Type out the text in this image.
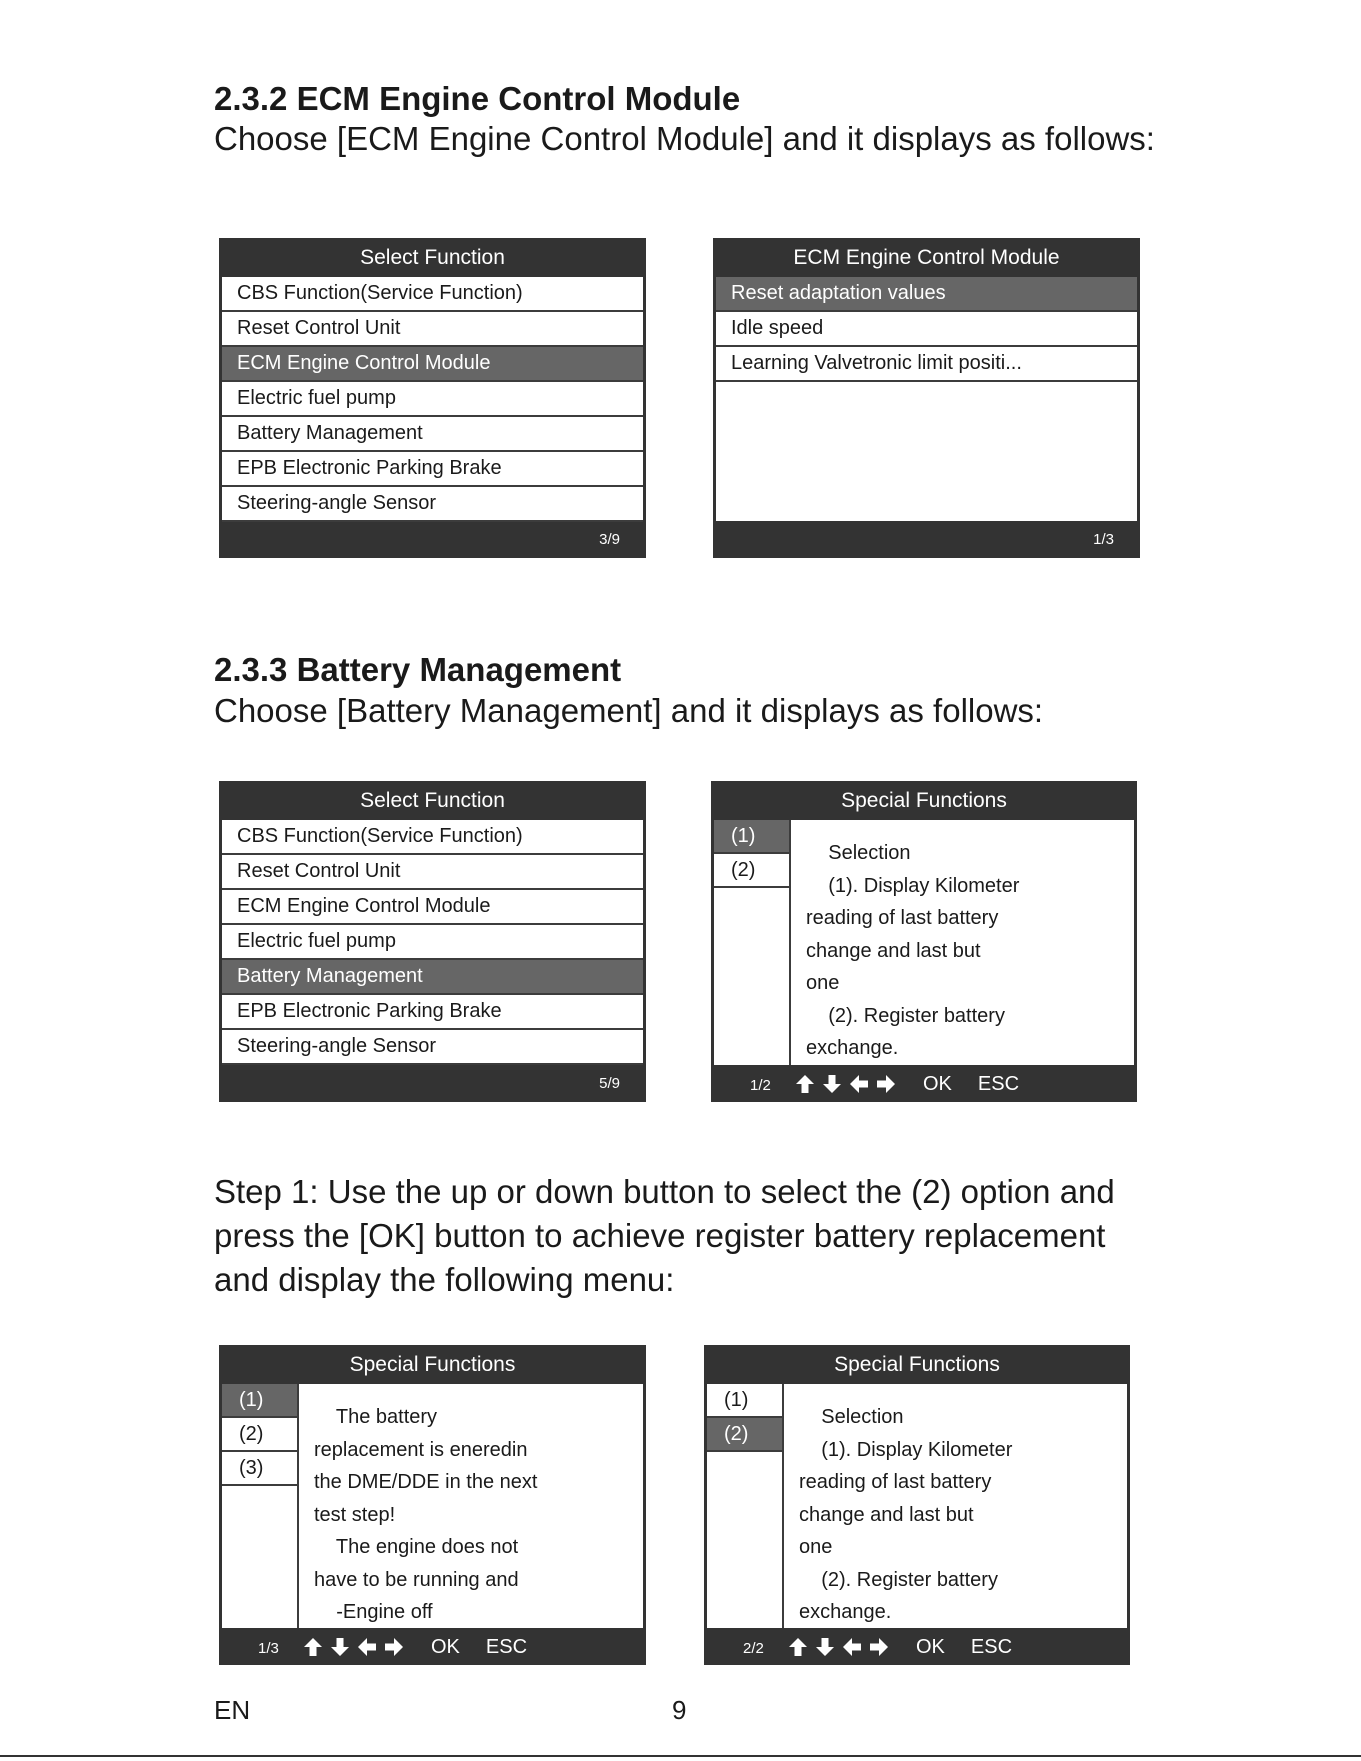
2.3.2 ECM Engine Control Module

Choose [ECM Engine Control Module] and it displays as follows:

Select Function
CBS Function(Service Function)
Reset Control Unit
ECM Engine Control Module
Electric fuel pump
Battery Management
EPB Electronic Parking Brake
Steering-angle Sensor
3/9
ECM Engine Control Module
Reset adaptation values
Idle speed
Learning Valvetronic limit positi...
1/3
2.3.3 Battery Management

Choose [Battery Management] and it displays as follows:

Select Function
CBS Function(Service Function)
Reset Control Unit
ECM Engine Control Module
Electric fuel pump
Battery Management
EPB Electronic Parking Brake
Steering-angle Sensor
5/9
Special Functions
(1)
(2)
Selection
(1). Display Kilometer
reading of last battery
change and last but
one
(2). Register battery
exchange.
1/2	OK ESC

Step 1: Use the up or down button to select the (2) option and

press the [OK] button to achieve register battery replacement

and display the following menu:

Special Functions
(1)
(2)
(3)
The battery
replacement is eneredin
the DME/DDE in the next
test step!
The engine does not
have to be running and
-Engine off
1/3	OK ESC
Special Functions
(1)
(2)
Selection
(1). Display Kilometer
reading of last battery
change and last but
one
(2). Register battery
exchange.
2/2	OK ESC
EN	9
